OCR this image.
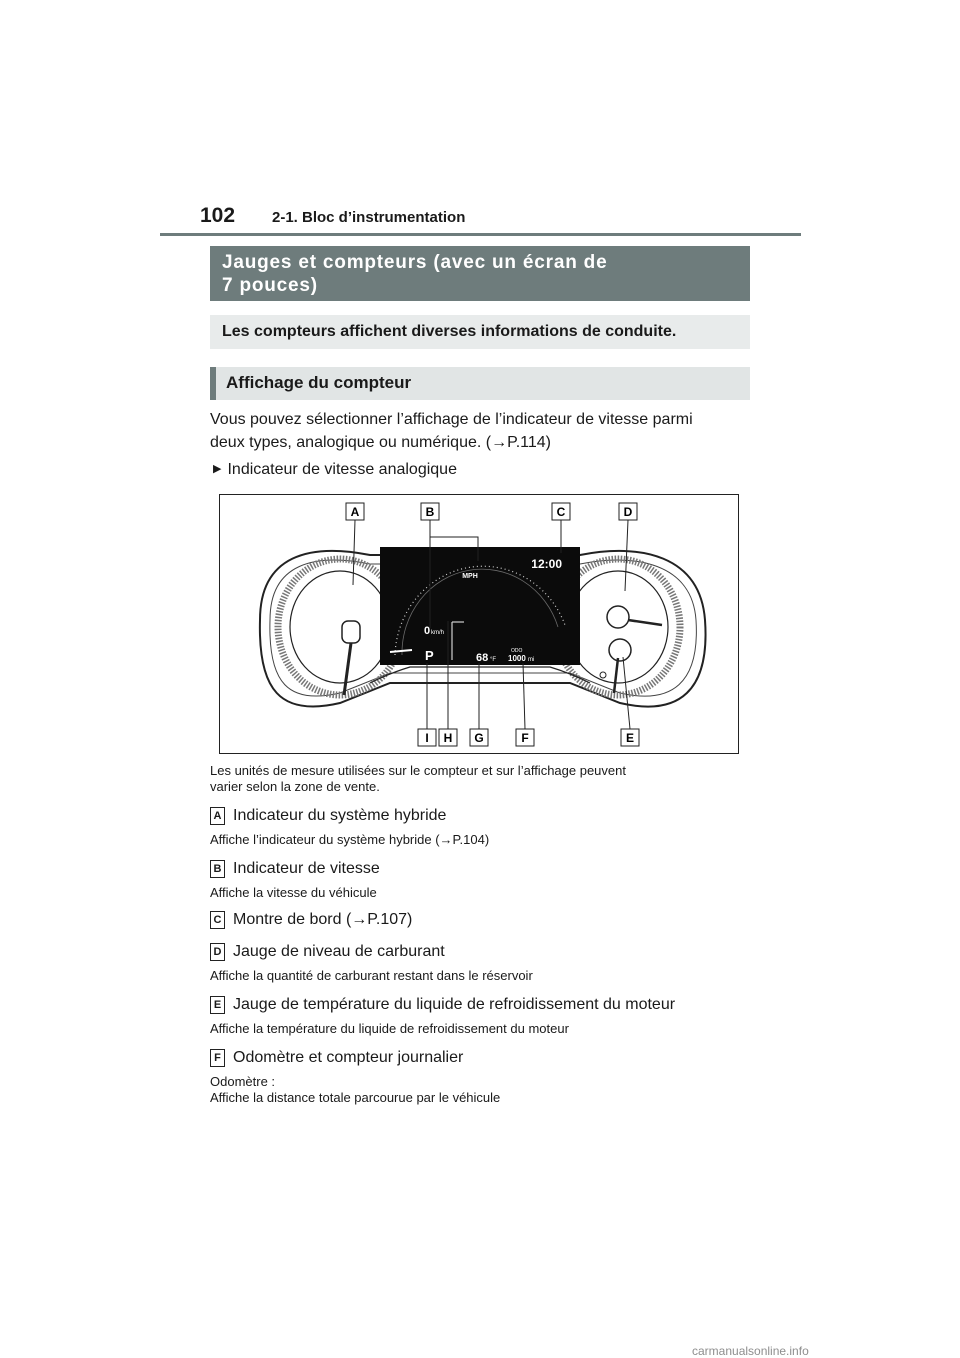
102 2-1. Bloc d’instrumentation
Jauges et compteurs (avec un écran de
7 pouces)
Les compteurs affichent diverses informations de conduite.
Affichage du compteur
Vous pouvez sélectionner l’affichage de l’indicateur de vitesse parmi
deux types, analogique ou numérique. (→P.114)
▶ Indicateur de vitesse analogique
MPH
12:00
0 km/h
P	68 °F
ODO
1000 mi
A	B	C	D
E
F
G
H
I
Les unités de mesure utilisées sur le compteur et sur l’affichage peuvent
varier selon la zone de vente.
A Indicateur du système hybride
Affiche l’indicateur du système hybride (→P.104)
B Indicateur de vitesse
Affiche la vitesse du véhicule
C Montre de bord (→P.107)
D Jauge de niveau de carburant
Affiche la quantité de carburant restant dans le réservoir
E Jauge de température du liquide de refroidissement du moteur
Affiche la température du liquide de refroidissement du moteur
F Odomètre et compteur journalier
Odomètre :
Affiche la distance totale parcourue par le véhicule
carmanualsonline.info
